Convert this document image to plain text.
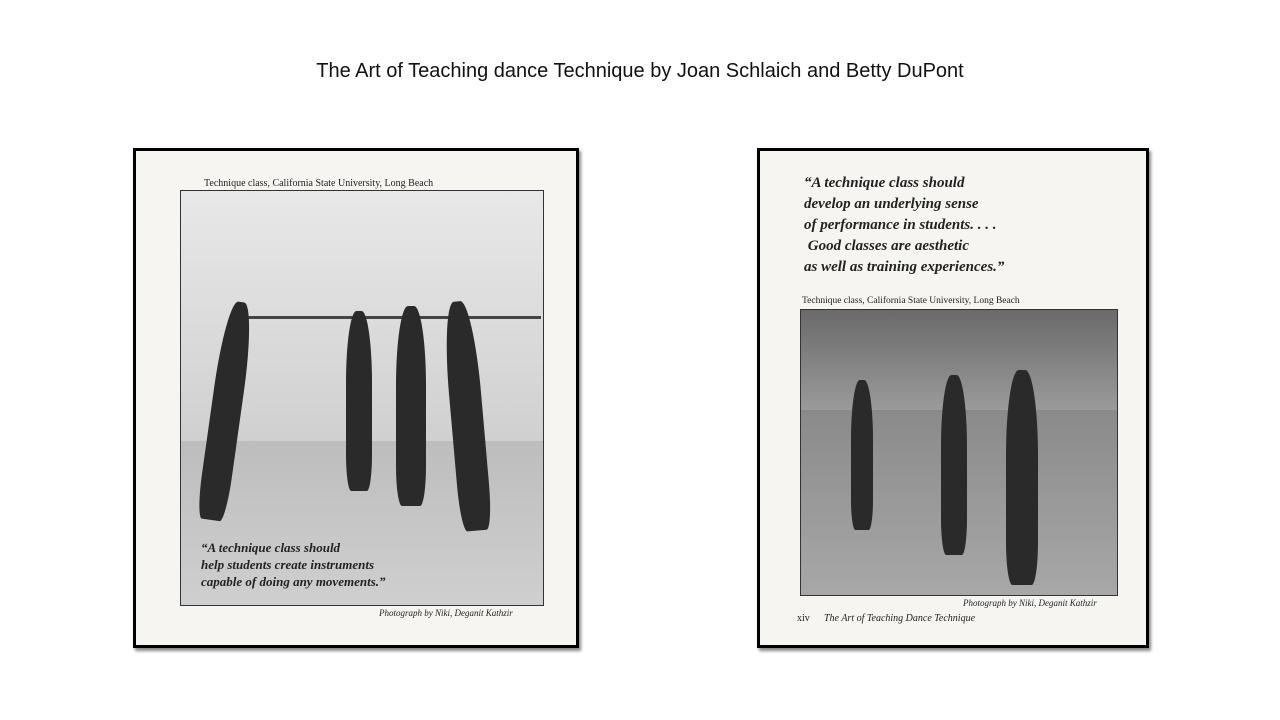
The Art of Teaching dance Technique by Joan Schlaich and Betty DuPont
Technique class, California State University, Long Beach
“A technique class should
help students create instruments
capable of doing any movements.”
Photograph by Niki, Deganit Kathzir
“A technique class should
develop an underlying sense
of performance in students. . . .
Good classes are aesthetic
as well as training experiences.”
Technique class, California State University, Long Beach
Photograph by Niki, Deganit Kathzir
xiv The Art of Teaching Dance Technique
